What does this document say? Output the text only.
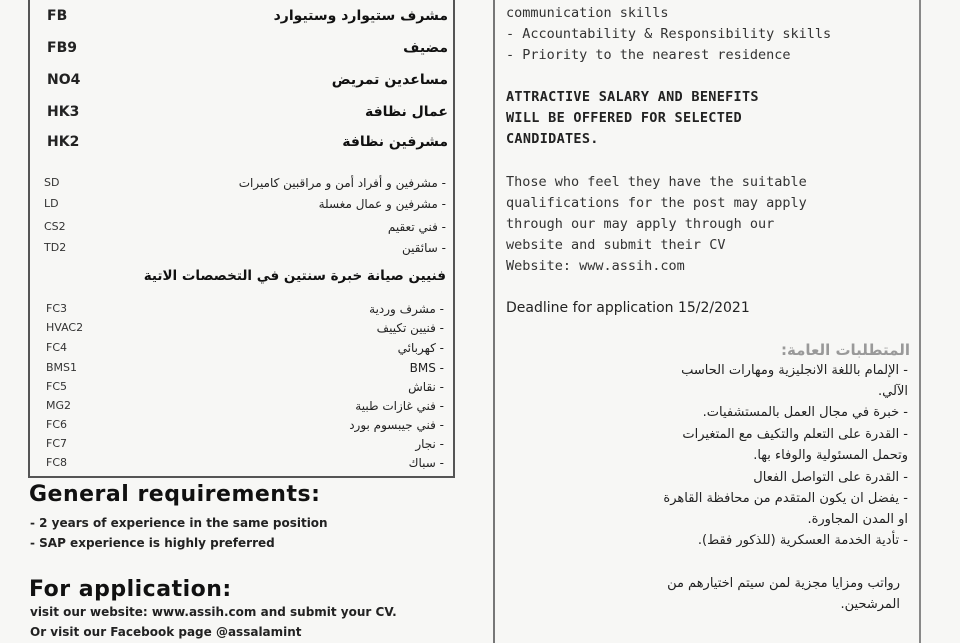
FB	مشرف ستيوارد وستيوارد
FB9	مضيف
NO4	مساعدين تمريض
HK3	عمال نظافة
HK2	مشرفين نظافة
SD	- مشرفين و أفراد أمن و مراقبين كاميرات
LD	- مشرفين و عمال مغسلة
CS2	- فني تعقيم
TD2	- سائقين
فنيين صيانة خبرة سنتين في التخصصات الاتية
FC3	- مشرف وردية
HVAC2	- فنيين تكييف
FC4	- كهربائي
BMS1	- BMS
FC5	- نقاش
MG2	- فني غازات طبية
FC6	- فني جيبسوم بورد
FC7	- نجار
FC8	- سباك
General requirements:
- 2 years of experience in the same position
- SAP experience is highly preferred
For application:
visit our website: www.assih.com and submit your CV.
Or visit our Facebook page @assalamint
communication skills
- Accountability & Responsibility skills
- Priority to the nearest residence
ATTRACTIVE SALARY AND BENEFITS
WILL BE OFFERED FOR SELECTED
CANDIDATES.
Those who feel they have the suitable
qualifications for the post may apply
through our may apply through our
website and submit their CV
Website: www.assih.com
Deadline for application 15/2/2021
المتطلبات العامة:
- الإلمام باللغة الانجليزية ومهارات الحاسب
الآلي.
- خبرة في مجال العمل بالمستشفيات.
- القدرة على التعلم والتكيف مع المتغيرات
وتحمل المسئولية والوفاء بها.
- القدرة على التواصل الفعال
- يفضل ان يكون المتقدم من محافظة القاهرة
او المدن المجاورة.
- تأدية الخدمة العسكرية (للذكور فقط).
رواتب ومزايا مجزية لمن سيتم اختيارهم من
المرشحين.
